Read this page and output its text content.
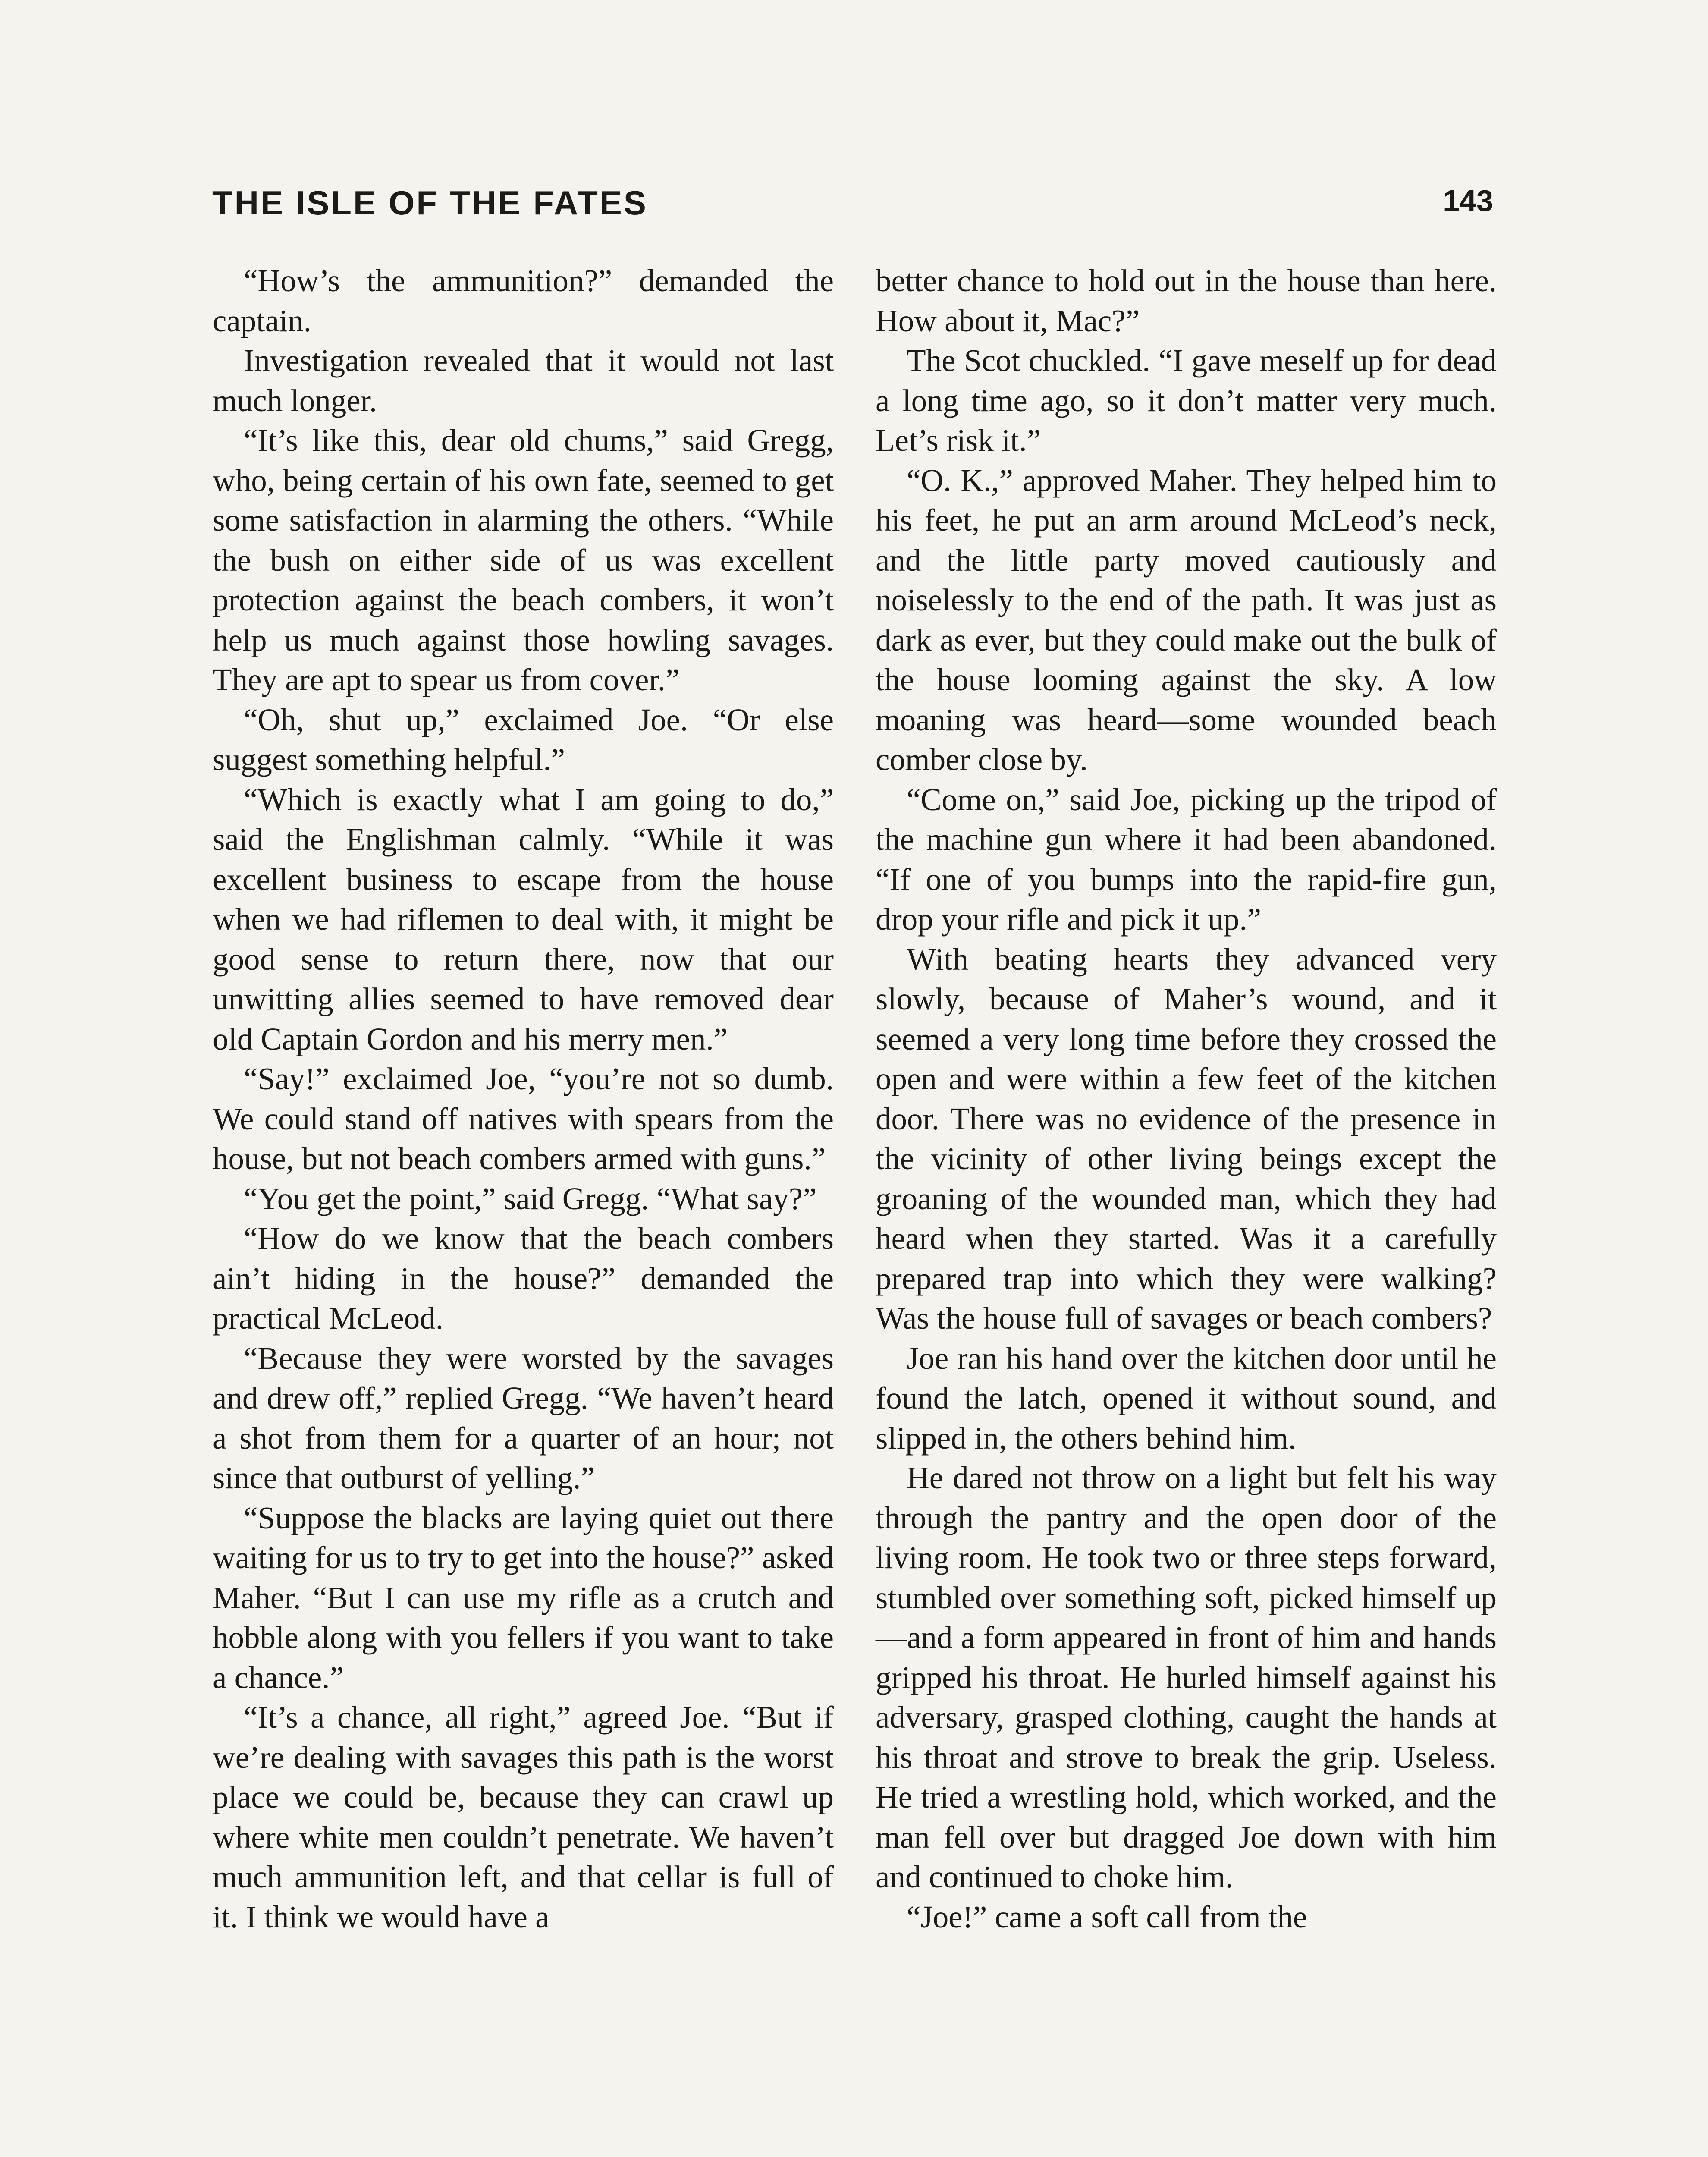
THE ISLE OF THE FATES	143

“How’s the ammunition?” demanded the captain.

Investigation revealed that it would not last much longer.

“It’s like this, dear old chums,” said Gregg, who, being certain of his own fate, seemed to get some satisfaction in alarming the others. “While the bush on either side of us was excellent protection against the beach combers, it won’t help us much against those howling savages. They are apt to spear us from cover.”

“Oh, shut up,” exclaimed Joe. “Or else suggest something helpful.”

“Which is exactly what I am going to do,” said the Englishman calmly. “While it was excellent business to escape from the house when we had riflemen to deal with, it might be good sense to return there, now that our unwitting allies seemed to have removed dear old Captain Gordon and his merry men.”

“Say!” exclaimed Joe, “you’re not so dumb. We could stand off natives with spears from the house, but not beach combers armed with guns.”

“You get the point,” said Gregg. “What say?”

“How do we know that the beach combers ain’t hiding in the house?” demanded the practical McLeod.

“Because they were worsted by the savages and drew off,” replied Gregg. “We haven’t heard a shot from them for a quarter of an hour; not since that outburst of yelling.”

“Suppose the blacks are laying quiet out there waiting for us to try to get into the house?” asked Maher. “But I can use my rifle as a crutch and hobble along with you fellers if you want to take a chance.”

“It’s a chance, all right,” agreed Joe. “But if we’re dealing with savages this path is the worst place we could be, because they can crawl up where white men couldn’t penetrate. We haven’t much ammunition left, and that cellar is full of it. I think we would have a

better chance to hold out in the house than here. How about it, Mac?”

The Scot chuckled. “I gave meself up for dead a long time ago, so it don’t matter very much. Let’s risk it.”

“O. K.,” approved Maher. They helped him to his feet, he put an arm around McLeod’s neck, and the little party moved cautiously and noiselessly to the end of the path. It was just as dark as ever, but they could make out the bulk of the house looming against the sky. A low moaning was heard—some wounded beach comber close by.

“Come on,” said Joe, picking up the tripod of the machine gun where it had been abandoned. “If one of you bumps into the rapid-fire gun, drop your rifle and pick it up.”

With beating hearts they advanced very slowly, because of Maher’s wound, and it seemed a very long time before they crossed the open and were within a few feet of the kitchen door. There was no evidence of the presence in the vicinity of other living beings except the groaning of the wounded man, which they had heard when they started. Was it a carefully prepared trap into which they were walking? Was the house full of savages or beach combers?

Joe ran his hand over the kitchen door until he found the latch, opened it without sound, and slipped in, the others behind him.

He dared not throw on a light but felt his way through the pantry and the open door of the living room. He took two or three steps forward, stumbled over something soft, picked himself up —and a form appeared in front of him and hands gripped his throat. He hurled himself against his adversary, grasped clothing, caught the hands at his throat and strove to break the grip. Useless. He tried a wrestling hold, which worked, and the man fell over but dragged Joe down with him and continued to choke him.

“Joe!” came a soft call from the
